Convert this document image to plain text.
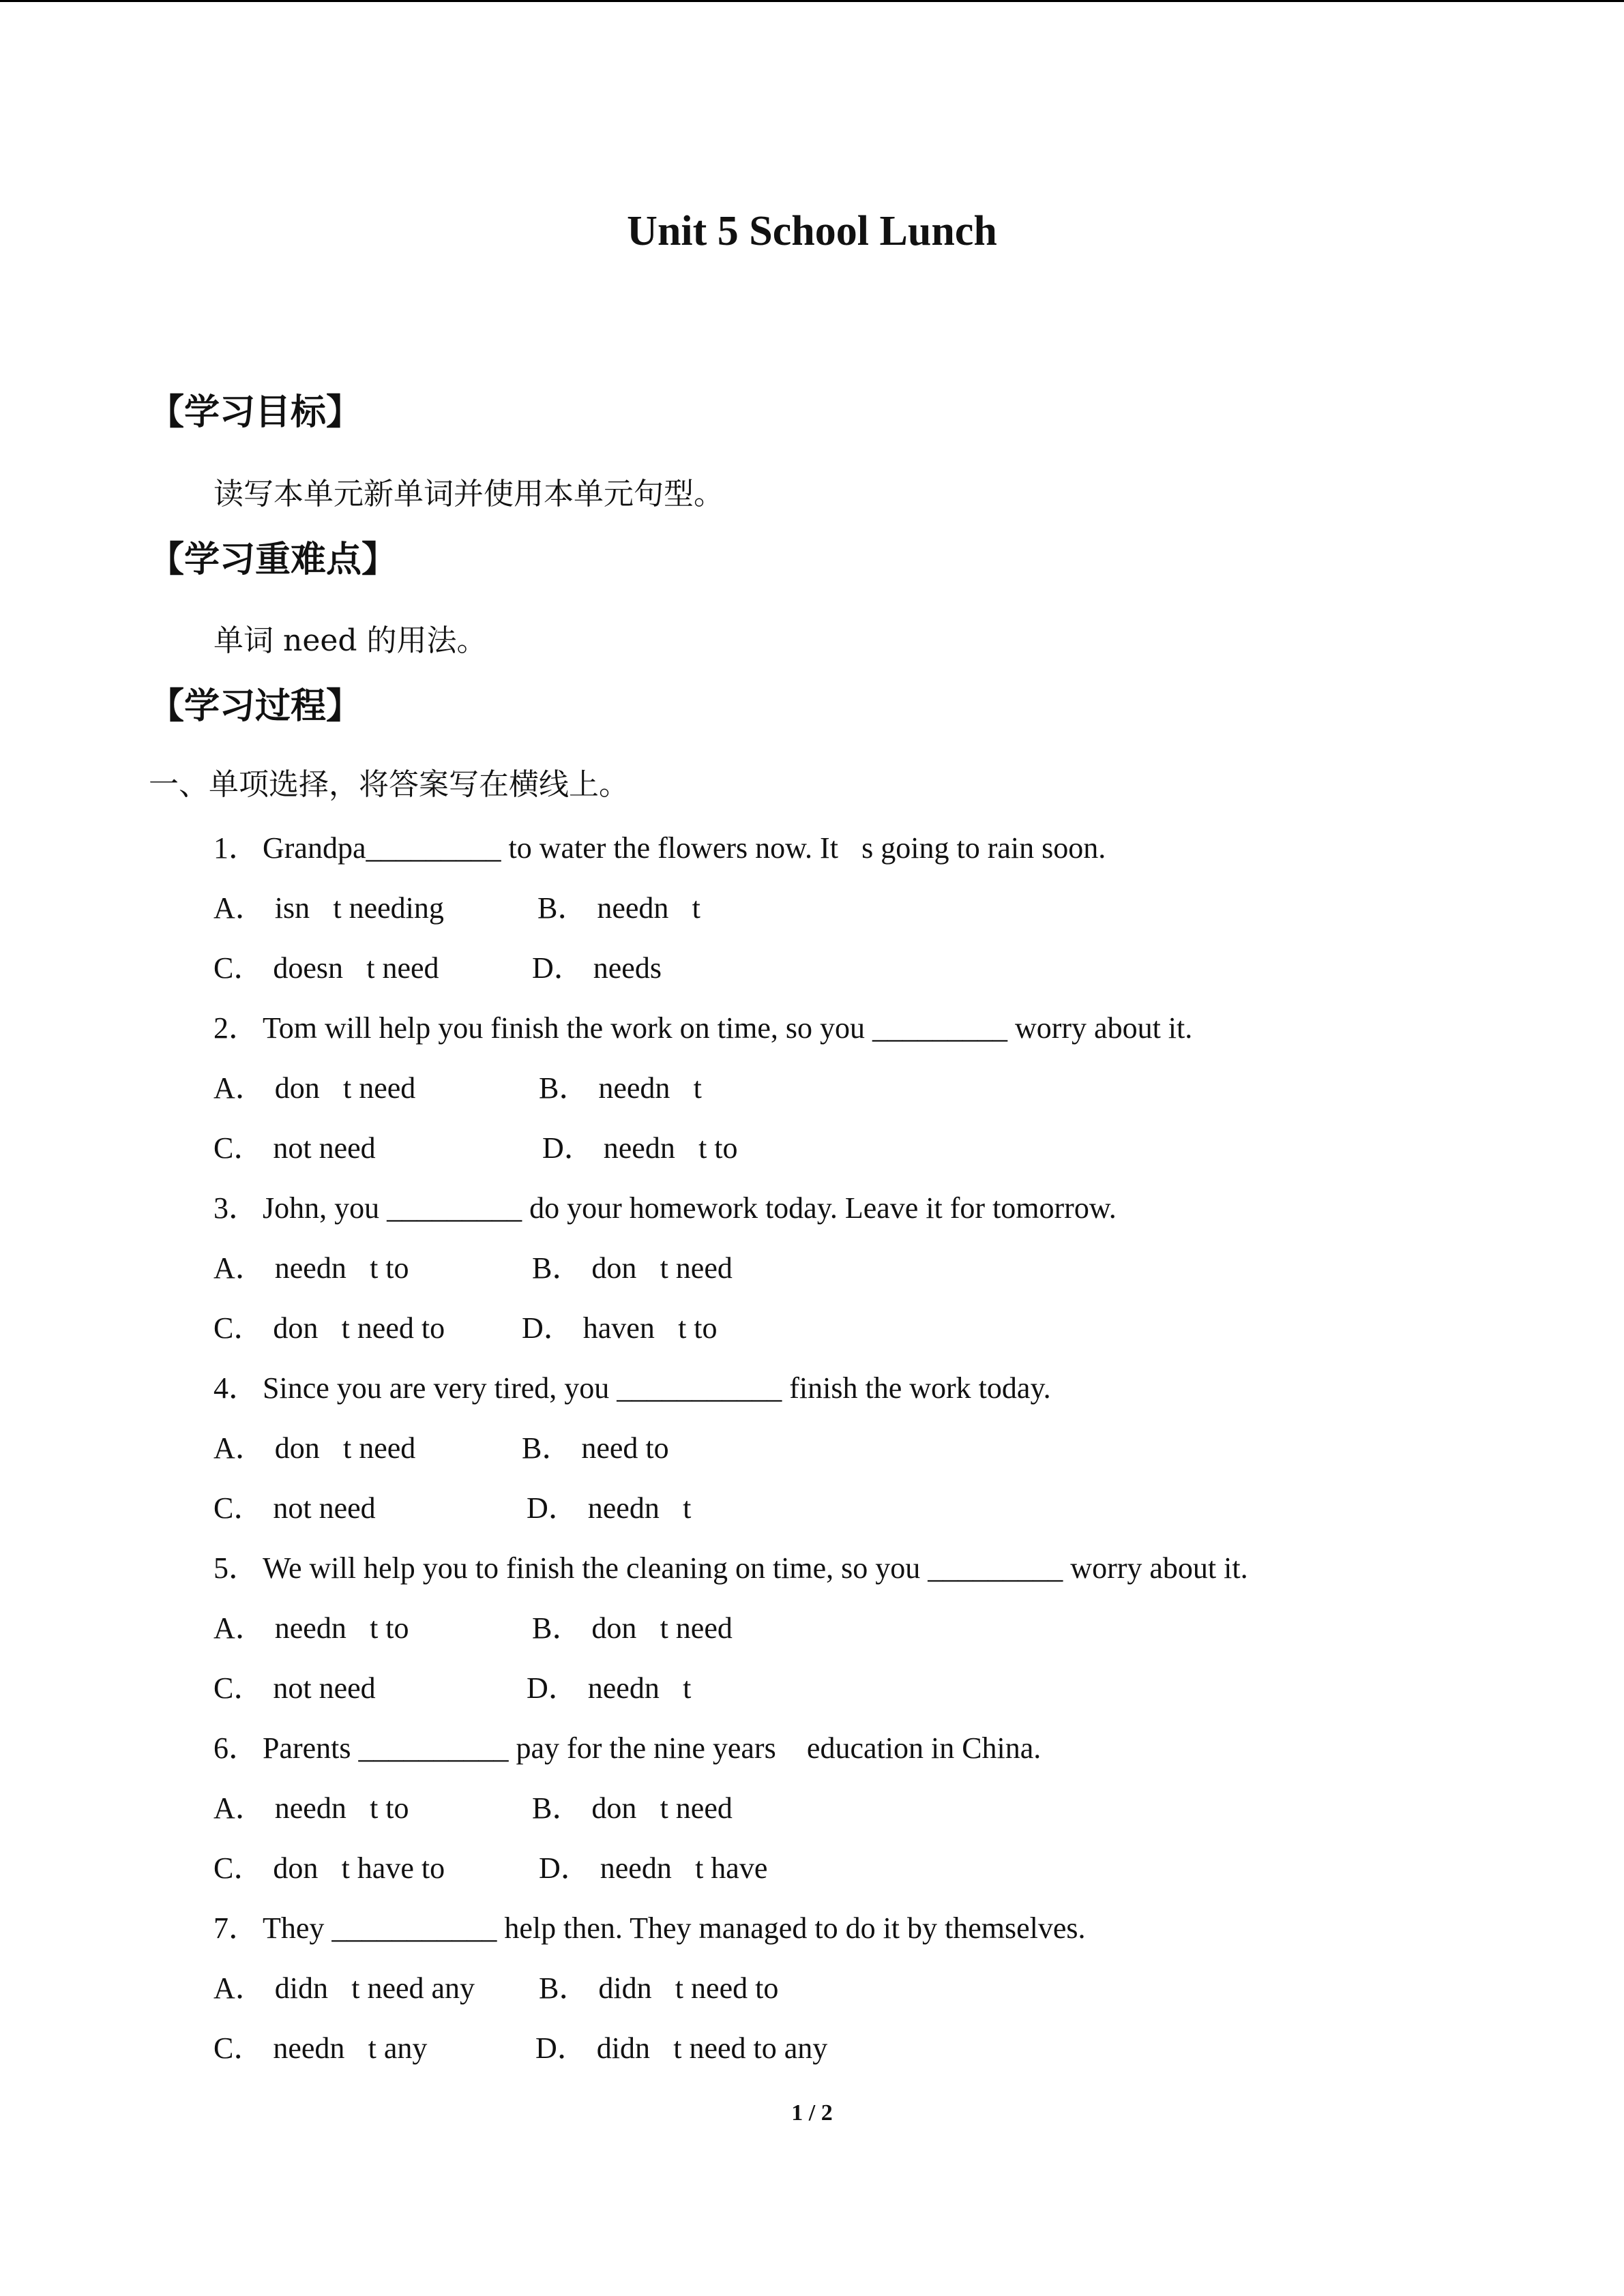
Unit 5 School Lunch
【学习目标】
读写本单元新单词并使用本单元句型。
【学习重难点】
单词 need 的用法。
【学习过程】
一、单项选择，将答案写在横线上。
1． Grandpa_________ to water the flowers now. It s going to rain soon.
A． isn t needing	B． needn t
C． doesn t need	D． needs
2． Tom will help you finish the work on time, so you _________ worry about it.
A． don t need	B． needn t
C． not need	D． needn t to
3． John, you _________ do your homework today. Leave it for tomorrow.
A． needn t to	B． don t need
C． don t need to	D． haven t to
4． Since you are very tired, you ___________ finish the work today.
A． don t need	B． need to
C． not need	D． needn t
5． We will help you to finish the cleaning on time, so you _________ worry about it.
A． needn t to	B． don t need
C． not need	D． needn t
6． Parents __________ pay for the nine years  education in China.
A． needn t to	B． don t need
C． don t have to	D． needn t have
7． They ___________ help then. They managed to do it by themselves.
A． didn t need any B． didn t need to
C． needn t any	D． didn t need to any
1 / 2
